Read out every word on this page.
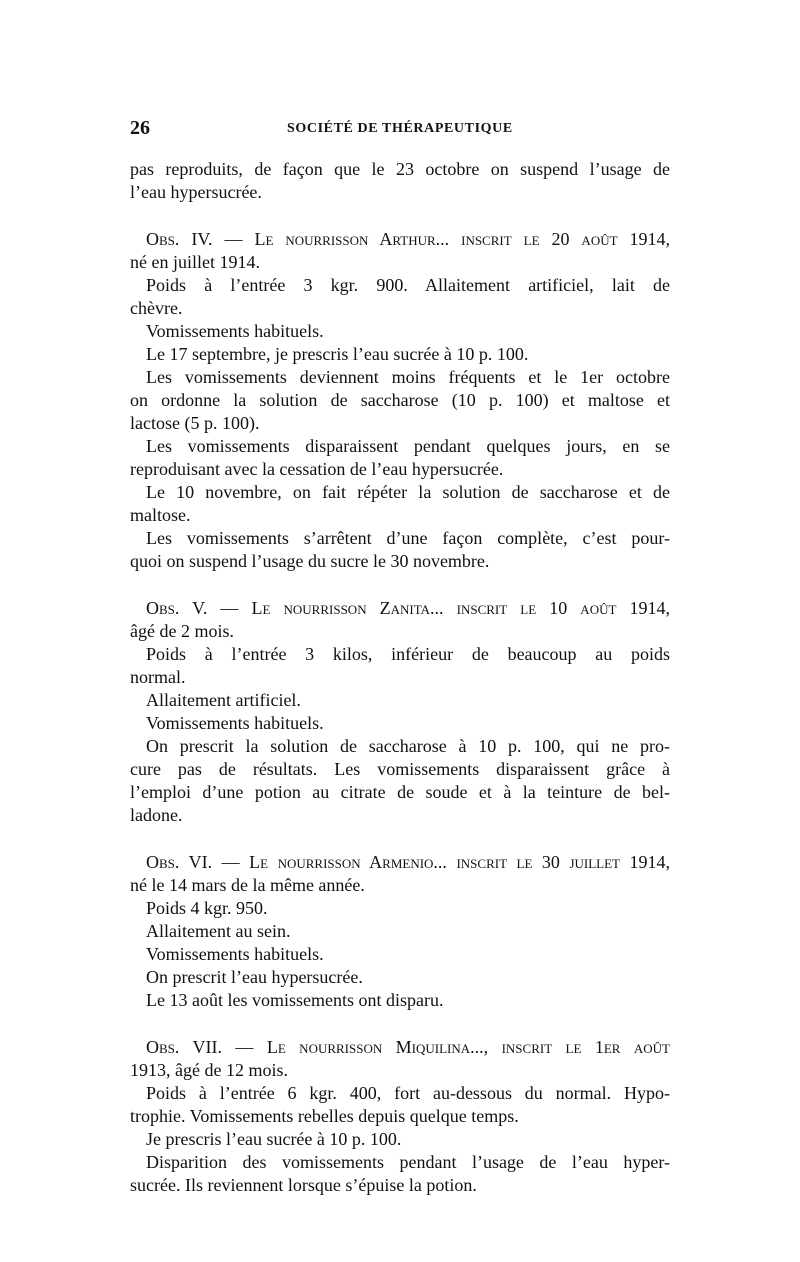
26	SOCIÉTÉ DE THÉRAPEUTIQUE
pas reproduits, de façon que le 23 octobre on suspend l’usage de
l’eau hypersucrée.
Obs. IV. — Le nourrisson Arthur... inscrit le 20 août 1914,
né en juillet 1914.
Poids à l’entrée 3 kgr. 900. Allaitement artificiel, lait de
chèvre.
Vomissements habituels.
Le 17 septembre, je prescris l’eau sucrée à 10 p. 100.
Les vomissements deviennent moins fréquents et le 1er octobre
on ordonne la solution de saccharose (10 p. 100) et maltose et
lactose (5 p. 100).
Les vomissements disparaissent pendant quelques jours, en se
reproduisant avec la cessation de l’eau hypersucrée.
Le 10 novembre, on fait répéter la solution de saccharose et de
maltose.
Les vomissements s’arrêtent d’une façon complète, c’est pour-
quoi on suspend l’usage du sucre le 30 novembre.
Obs. V. — Le nourrisson Zanita... inscrit le 10 août 1914,
âgé de 2 mois.
Poids à l’entrée 3 kilos, inférieur de beaucoup au poids
normal.
Allaitement artificiel.
Vomissements habituels.
On prescrit la solution de saccharose à 10 p. 100, qui ne pro-
cure pas de résultats. Les vomissements disparaissent grâce à
l’emploi d’une potion au citrate de soude et à la teinture de bel-
ladone.
Obs. VI. — Le nourrisson Armenio... inscrit le 30 juillet 1914,
né le 14 mars de la même année.
Poids 4 kgr. 950.
Allaitement au sein.
Vomissements habituels.
On prescrit l’eau hypersucrée.
Le 13 août les vomissements ont disparu.
Obs. VII. — Le nourrisson Miquilina..., inscrit le 1er août
1913, âgé de 12 mois.
Poids à l’entrée 6 kgr. 400, fort au-dessous du normal. Hypo-
trophie. Vomissements rebelles depuis quelque temps.
Je prescris l’eau sucrée à 10 p. 100.
Disparition des vomissements pendant l’usage de l’eau hyper-
sucrée. Ils reviennent lorsque s’épuise la potion.
